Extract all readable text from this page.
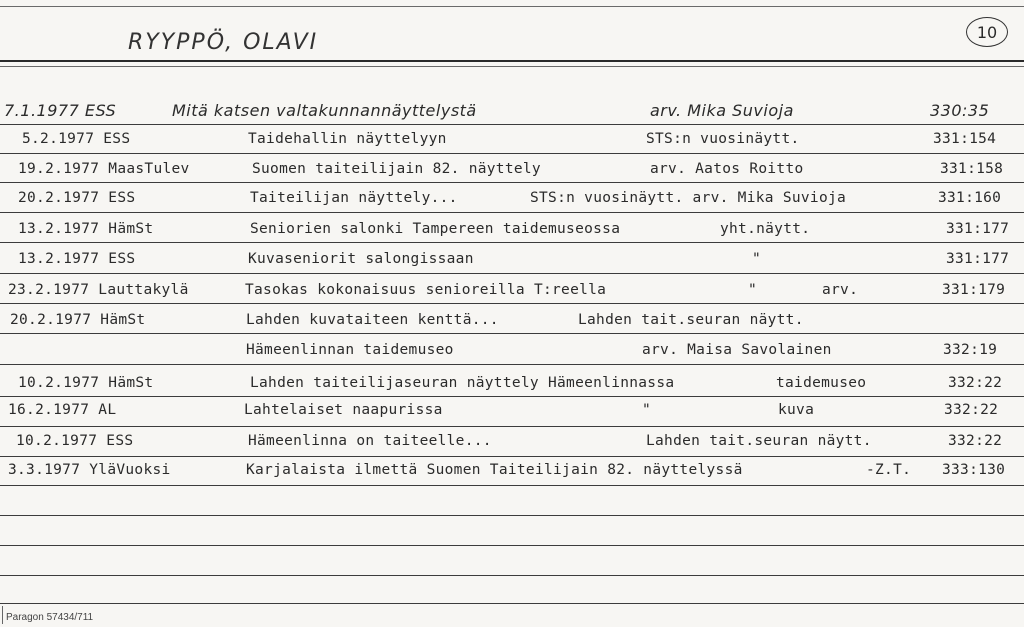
RYYPPÖ, OLAVI	10
7.1.1977 ESS	Mitä katsen valtakunnannäyttelystä	arv. Mika Suvioja	330:35
5.2.1977 ESS	Taidehallin näyttelyyn	STS:n vuosinäytt.	331:154
19.2.1977 MaasTulev	Suomen taiteilijain 82. näyttely	arv. Aatos Roitto	331:158
20.2.1977 ESS	Taiteilijan näyttely...	STS:n vuosinäytt. arv. Mika Suvioja	331:160
13.2.1977 HämSt	Seniorien salonki Tampereen taidemuseossa	yht.näytt.	331:177
13.2.1977 ESS	Kuvaseniorit salongissaan	"	331:177
23.2.1977 Lauttakylä	Tasokas kokonaisuus senioreilla T:reella	"	arv.	331:179
20.2.1977 HämSt	Lahden kuvataiteen kenttä...	Lahden tait.seuran näytt.
Hämeenlinnan taidemuseo	arv. Maisa Savolainen	332:19
10.2.1977 HämSt	Lahden taiteilijaseuran näyttely Hämeenlinnassa	taidemuseo	332:22
16.2.1977 AL	Lahtelaiset naapurissa	"	kuva	332:22
10.2.1977 ESS	Hämeenlinna on taiteelle...	Lahden tait.seuran näytt.	332:22
3.3.1977 YläVuoksi	Karjalaista ilmettä Suomen Taiteilijain 82. näyttelyssä	-Z.T. 333:130
Paragon 57434/711
